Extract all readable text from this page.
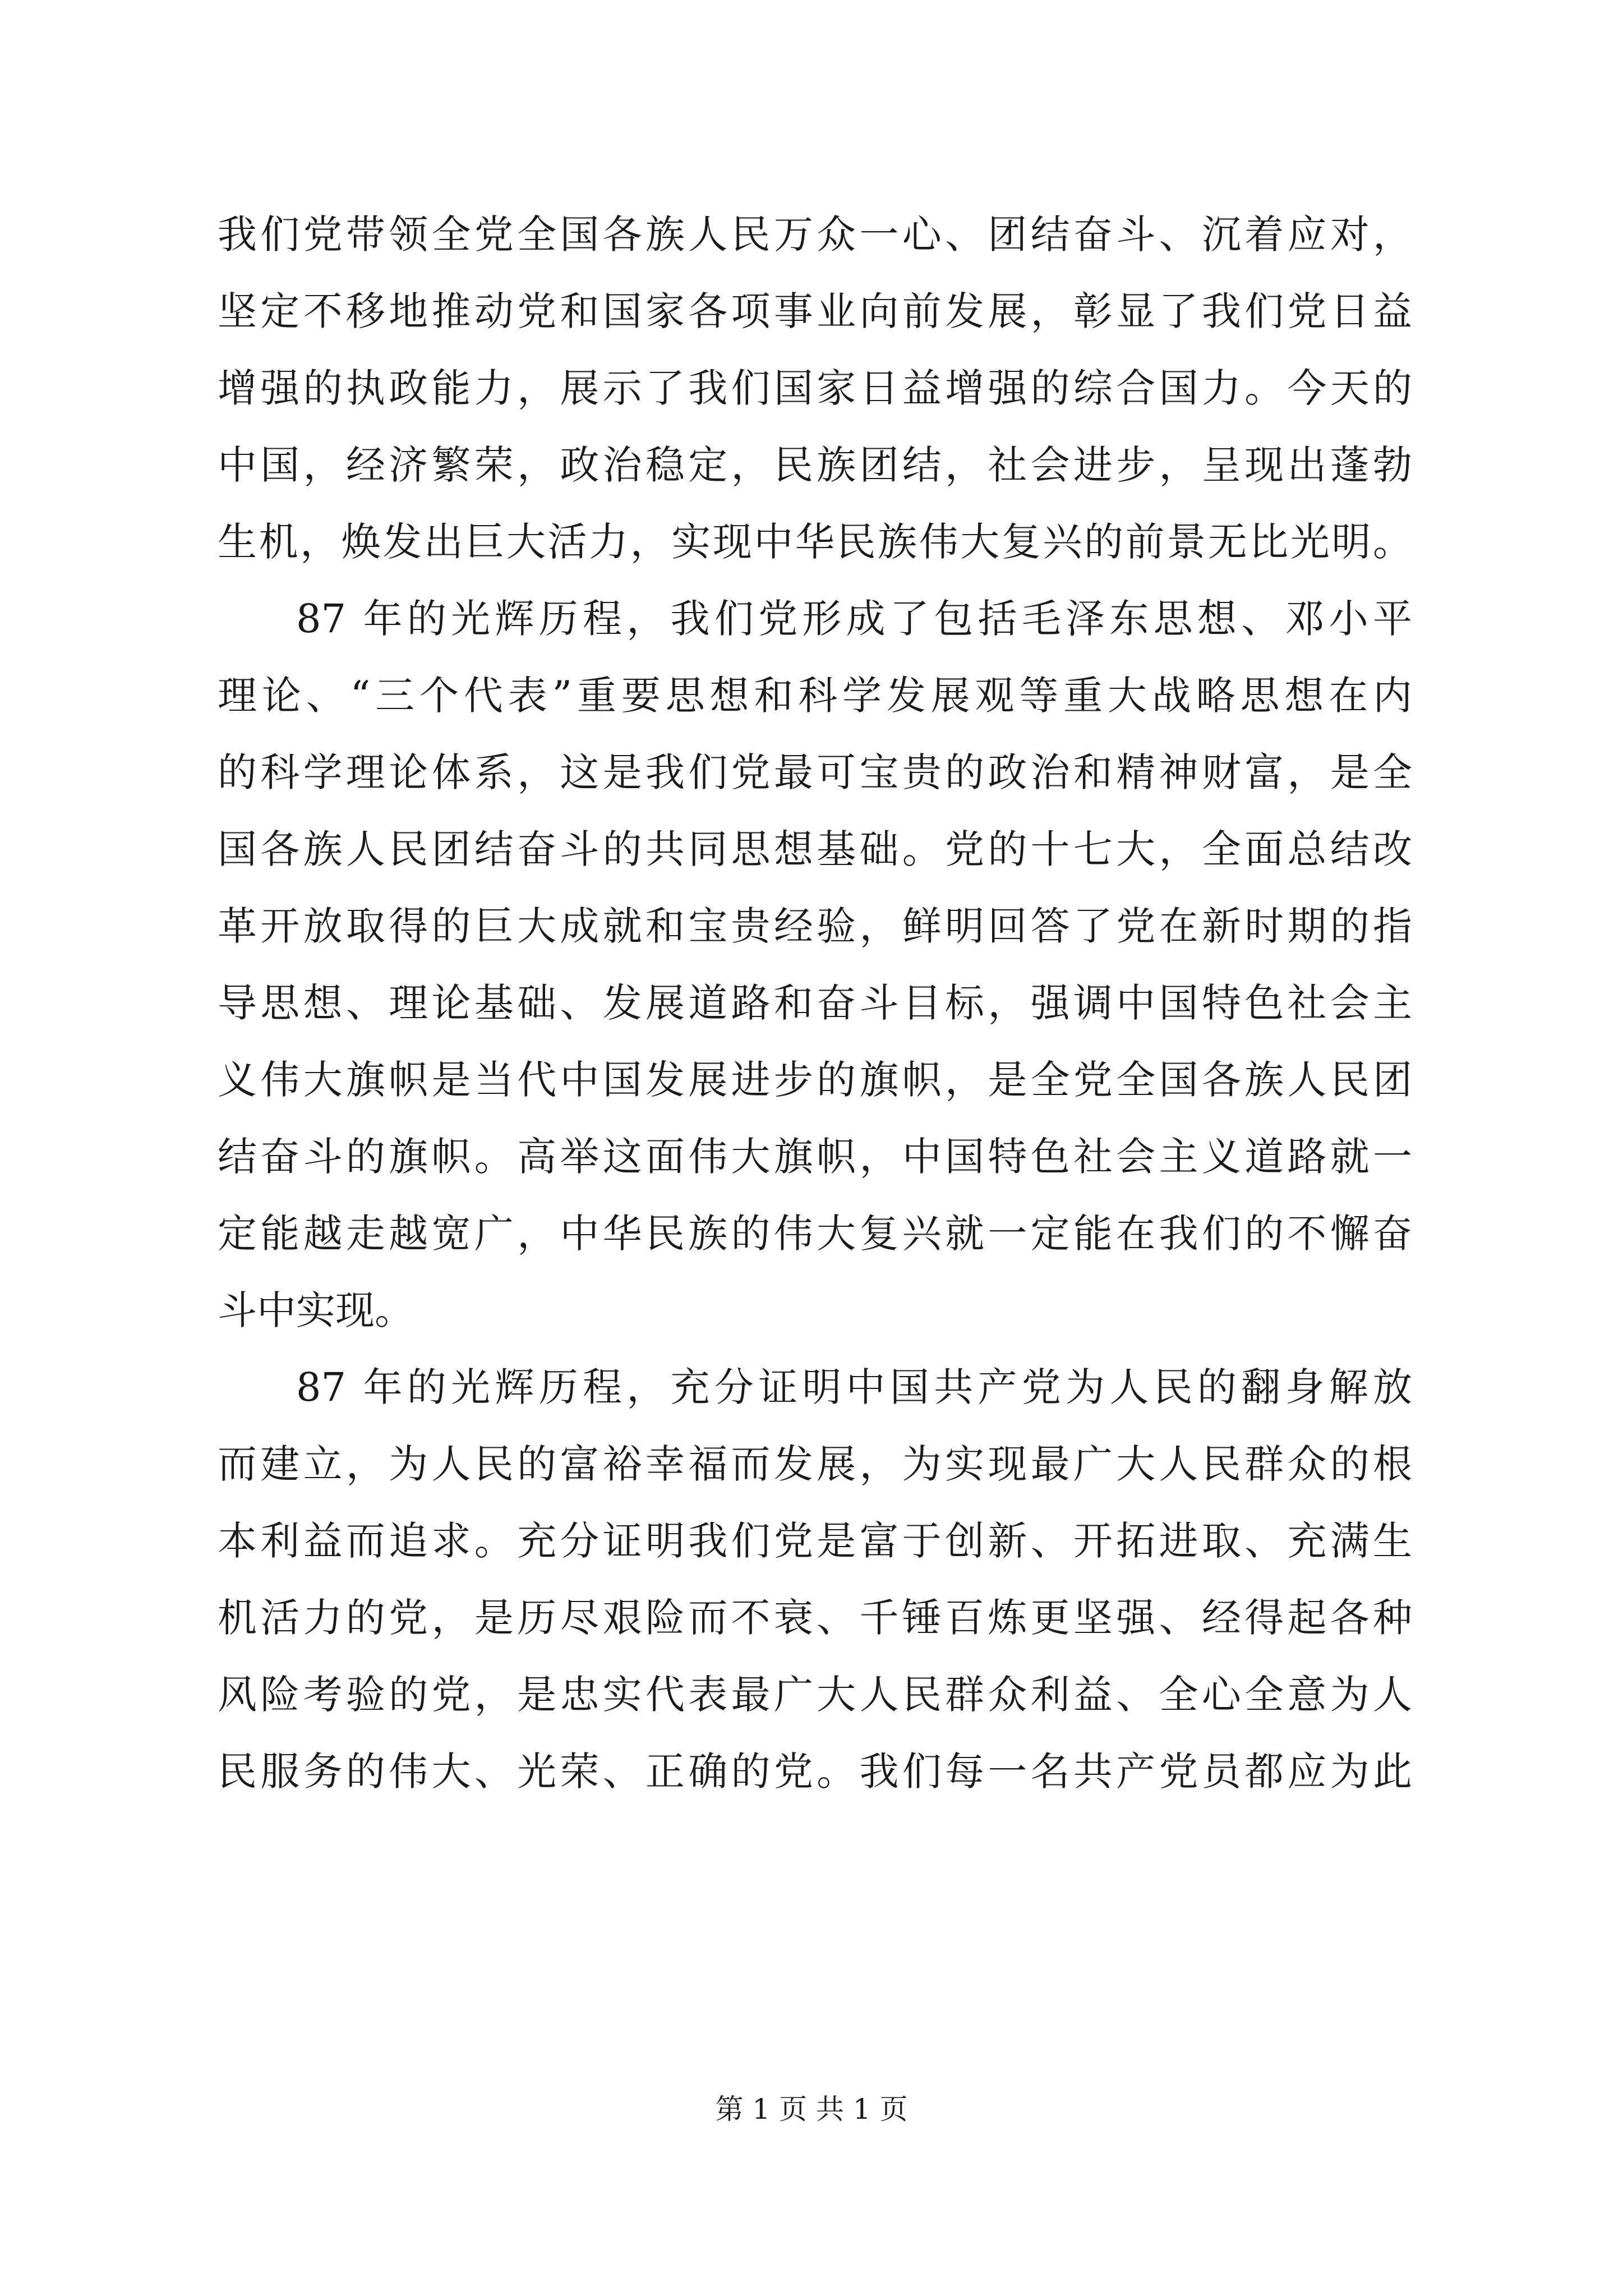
我们党带领全党全国各族人民万众一心、团结奋斗、沉着应对，
坚定不移地推动党和国家各项事业向前发展，彰显了我们党日益
增强的执政能力，展示了我们国家日益增强的综合国力。今天的
中国，经济繁荣，政治稳定，民族团结，社会进步，呈现出蓬勃
生机，焕发出巨大活力，实现中华民族伟大复兴的前景无比光明。
87 年的光辉历程，我们党形成了包括毛泽东思想、邓小平
理论、“三个代表”重要思想和科学发展观等重大战略思想在内
的科学理论体系，这是我们党最可宝贵的政治和精神财富，是全
国各族人民团结奋斗的共同思想基础。党的十七大，全面总结改
革开放取得的巨大成就和宝贵经验，鲜明回答了党在新时期的指
导思想、理论基础、发展道路和奋斗目标，强调中国特色社会主
义伟大旗帜是当代中国发展进步的旗帜，是全党全国各族人民团
结奋斗的旗帜。高举这面伟大旗帜，中国特色社会主义道路就一
定能越走越宽广，中华民族的伟大复兴就一定能在我们的不懈奋
斗中实现。
87 年的光辉历程，充分证明中国共产党为人民的翻身解放
而建立，为人民的富裕幸福而发展，为实现最广大人民群众的根
本利益而追求。充分证明我们党是富于创新、开拓进取、充满生
机活力的党，是历尽艰险而不衰、千锤百炼更坚强、经得起各种
风险考验的党，是忠实代表最广大人民群众利益、全心全意为人
民服务的伟大、光荣、正确的党。我们每一名共产党员都应为此
第 1 页 共 1 页
